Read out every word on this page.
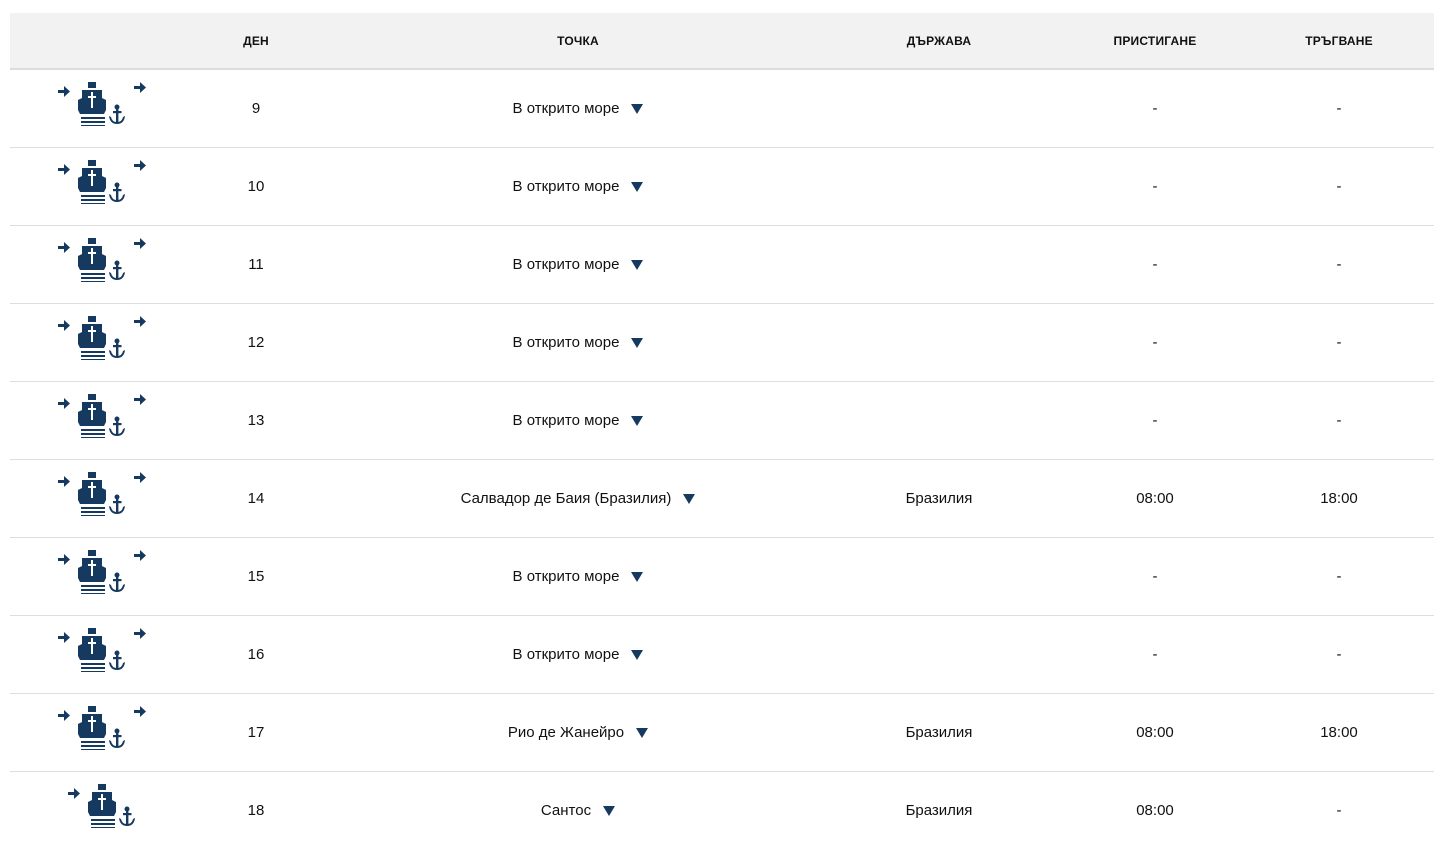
	ДЕН	ТОЧКА	ДЪРЖАВА	ПРИСТИГАНЕ	ТРЪГВАНЕ

	9	В открито море		-	-

	10	В открито море		-	-

	11	В открито море		-	-

	12	В открито море		-	-

	13	В открито море		-	-

	14	Салвадор де Баия (Бразилия)	Бразилия	08:00	18:00

	15	В открито море		-	-

	16	В открито море		-	-

	17	Рио де Жанейро	Бразилия	08:00	18:00

	18	Сантос	Бразилия	08:00	-
